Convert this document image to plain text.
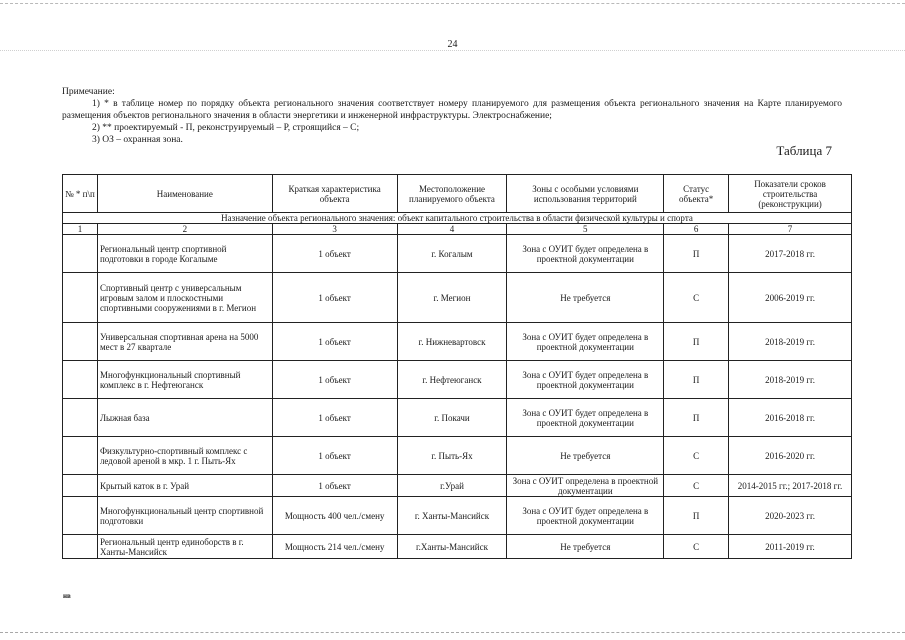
24

Примечание:

1) * в таблице номер по порядку объекта регионального значения соответствует номеру планируемого для размещения объекта регионального значения на Карте планируемого размещения объектов регионального значения в области энергетики и инженерной инфраструктуры. Электроснабжение;

2) ** проектируемый - П, реконструируемый – Р, строящийся – С;

3) ОЗ – охранная зона.

Таблица 7
№ * п\п	Наименование	Краткая характеристика объекта	Местоположение планируемого объекта	Зоны с особыми условиями использования территорий	Статус объекта*	Показатели сроков строительства (реконструкции)
Назначение объекта регионального значения: объект капитального строительства в области физической культуры и спорта						
1	2	3	4	5	6	7
	Региональный центр спортивной подготовки в городе Когалыме	1 объект	г. Когалым	Зона с ОУИТ будет определена в проектной документации	П	2017-2018 гг.
	Спортивный центр с универсальным игровым залом и плоскостными спортивными сооружениями в г. Мегион	1 объект	г. Мегион	Не требуется	С	2006-2019 гг.
	Универсальная спортивная арена на 5000 мест в 27 квартале	1 объект	г. Нижневартовск	Зона с ОУИТ будет определена в проектной документации	П	2018-2019 гг.
	Многофункциональный спортивный комплекс в г. Нефтеюганск	1 объект	г. Нефтеюганск	Зона с ОУИТ будет определена в проектной документации	П	2018-2019 гг.
	Лыжная база	1 объект	г. Покачи	Зона с ОУИТ будет определена в проектной документации	П	2016-2018 гг.
	Физкультурно-спортивный комплекс с ледовой ареной в мкр. 1 г. Пыть-Ях	1 объект	г. Пыть-Ях	Не требуется	С	2016-2020 гг.
	Крытый каток в г. Урай	1 объект	г.Урай	Зона с ОУИТ определена в проектной документации	С	2014-2015 гг.; 2017-2018 гг.
	Многофункциональный центр спортивной подготовки	Мощность 400 чел./смену	г. Ханты-Мансийск	Зона с ОУИТ будет определена в проектной документации	П	2020-2023 гг.
	Региональный центр единоборств в г. Ханты-Мансийск	Мощность 214 чел./смену	г.Ханты-Мансийск	Не требуется	С	2011-2019 гг.
нв
